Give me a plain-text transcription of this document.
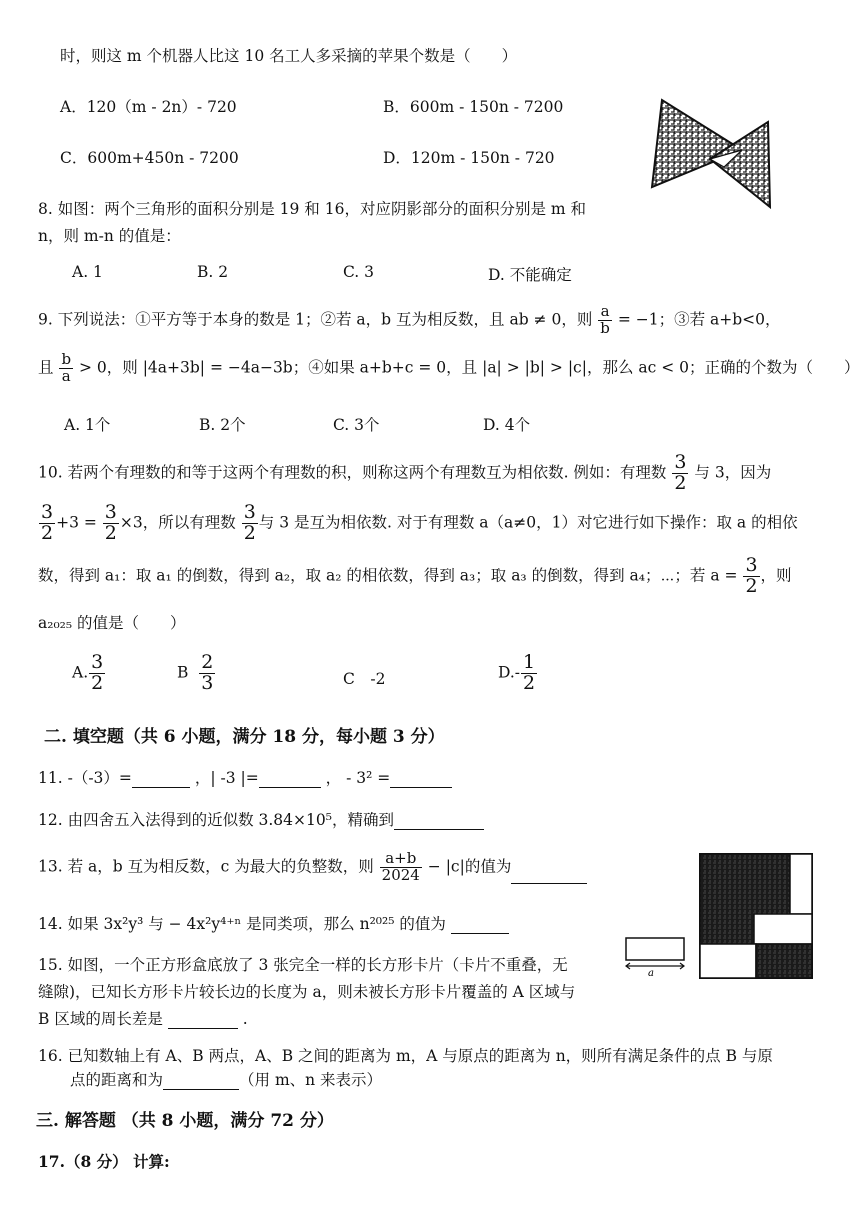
时，则这 m 个机器人比这 10 名工人多采摘的苹果个数是（　　）
A．120（m - 2n）- 720	B．600m - 150n - 7200
C．600m+450n - 7200	D．120m - 150n - 720
8. 如图：两个三角形的面积分别是 19 和 16，对应阴影部分的面积分别是 m 和
n，则 m-n 的值是：
A. 1	B. 2	C. 3	D. 不能确定
9. 下列说法：①平方等于本身的数是 1；②若 a，b 互为相反数，且 ab ≠ 0，则 $\frac{a}{b} = -1$；③若 a+b<0，
且 $\frac{b}{a} > 0$，则 |4a+3b| = −4a−3b；④如果 a+b+c = 0，且 |a| > |b| > |c|，那么 ac < 0；正确的个数为（　　）
A. 1个	B. 2个	C. 3个	D. 4个
10. 若两个有理数的和等于这两个有理数的积，则称这两个有理数互为相依数. 例如：有理数 $\frac{3}{2}$ 与 3，因为
$\frac{3}{2} +3 = \frac{3}{2} \times 3$，所以有理数 $\frac{3}{2}$ 与 3 是互为相依数. 对于有理数 a（a≠0，1）对它进行如下操作：取 a 的相依
数，得到 a₁：取 a₁ 的倒数，得到 a₂，取 a₂ 的相依数，得到 a₃；取 a₃ 的倒数，得到 a₄；⋯；若 $a = \frac{3}{2}$ ，则
a₂₀₂₅ 的值是（　　）
A. $\frac{3}{2}$	B $\frac{2}{3}$	C　-2	$D.- \frac{1}{2}$
二. 填空题（共 6 小题，满分 18 分，每小题 3 分）
11. -（-3）=	，| -3 |=	， - 3² =
12. 由四舍五入法得到的近似数 3.84×10⁵，精确到
13. 若 a，b 互为相反数，c 为最大的负整数，则 $\frac{a+b}{2024} - |c|$的值为
14. 如果 3x²y³ 与 − 4x²y⁴⁺ⁿ 是同类项，那么 n²⁰²⁵ 的值为
a
15. 如图，一个正方形盒底放了 3 张完全一样的长方形卡片（卡片不重叠，无
缝隙)，已知长方形卡片较长边的长度为 a，则未被长方形卡片覆盖的 A 区域与
B 区域的周长差是	.
16. 已知数轴上有 A、B 两点，A、B 之间的距离为 m，A 与原点的距离为 n，则所有满足条件的点 B 与原
点的距离和为	（用 m、n 来表示）
三. 解答题 （共 8 小题，满分 72 分）
17.（8 分） 计算:
